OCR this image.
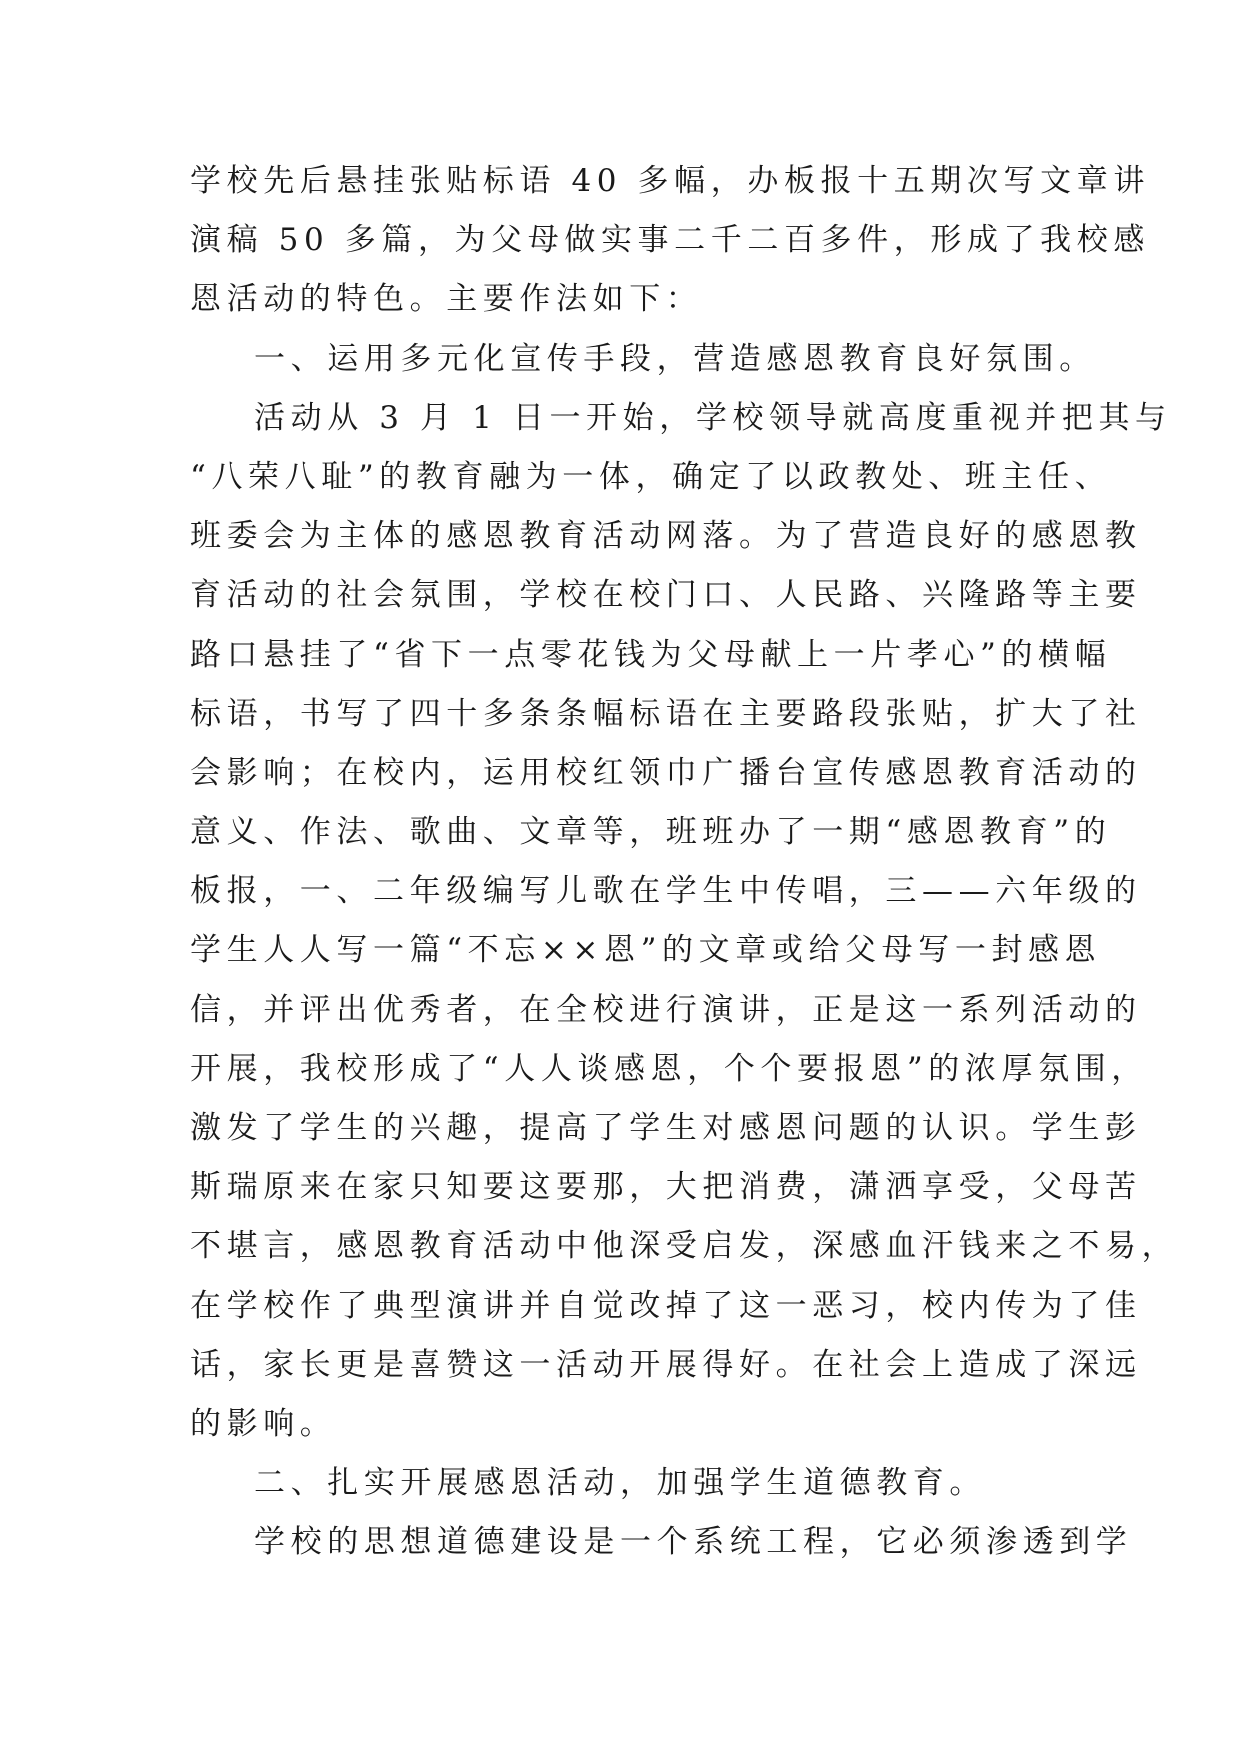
学校先后悬挂张贴标语 40 多幅，办板报十五期次写文章讲
演稿 50 多篇，为父母做实事二千二百多件，形成了我校感
恩活动的特色。主要作法如下：
一、运用多元化宣传手段，营造感恩教育良好氛围。
活动从 3 月 1 日一开始，学校领导就高度重视并把其与
“八荣八耻”的教育融为一体，确定了以政教处、班主任、
班委会为主体的感恩教育活动网落。为了营造良好的感恩教
育活动的社会氛围，学校在校门口、人民路、兴隆路等主要
路口悬挂了“省下一点零花钱为父母献上一片孝心”的横幅
标语，书写了四十多条条幅标语在主要路段张贴，扩大了社
会影响；在校内，运用校红领巾广播台宣传感恩教育活动的
意义、作法、歌曲、文章等，班班办了一期“感恩教育”的
板报，一、二年级编写儿歌在学生中传唱，三——六年级的
学生人人写一篇“不忘××恩”的文章或给父母写一封感恩
信，并评出优秀者，在全校进行演讲，正是这一系列活动的
开展，我校形成了“人人谈感恩，个个要报恩”的浓厚氛围，
激发了学生的兴趣，提高了学生对感恩问题的认识。学生彭
斯瑞原来在家只知要这要那，大把消费，潇洒享受，父母苦
不堪言，感恩教育活动中他深受启发，深感血汗钱来之不易，
在学校作了典型演讲并自觉改掉了这一恶习，校内传为了佳
话，家长更是喜赞这一活动开展得好。在社会上造成了深远
的影响。
二、扎实开展感恩活动，加强学生道德教育。
学校的思想道德建设是一个系统工程，它必须渗透到学
